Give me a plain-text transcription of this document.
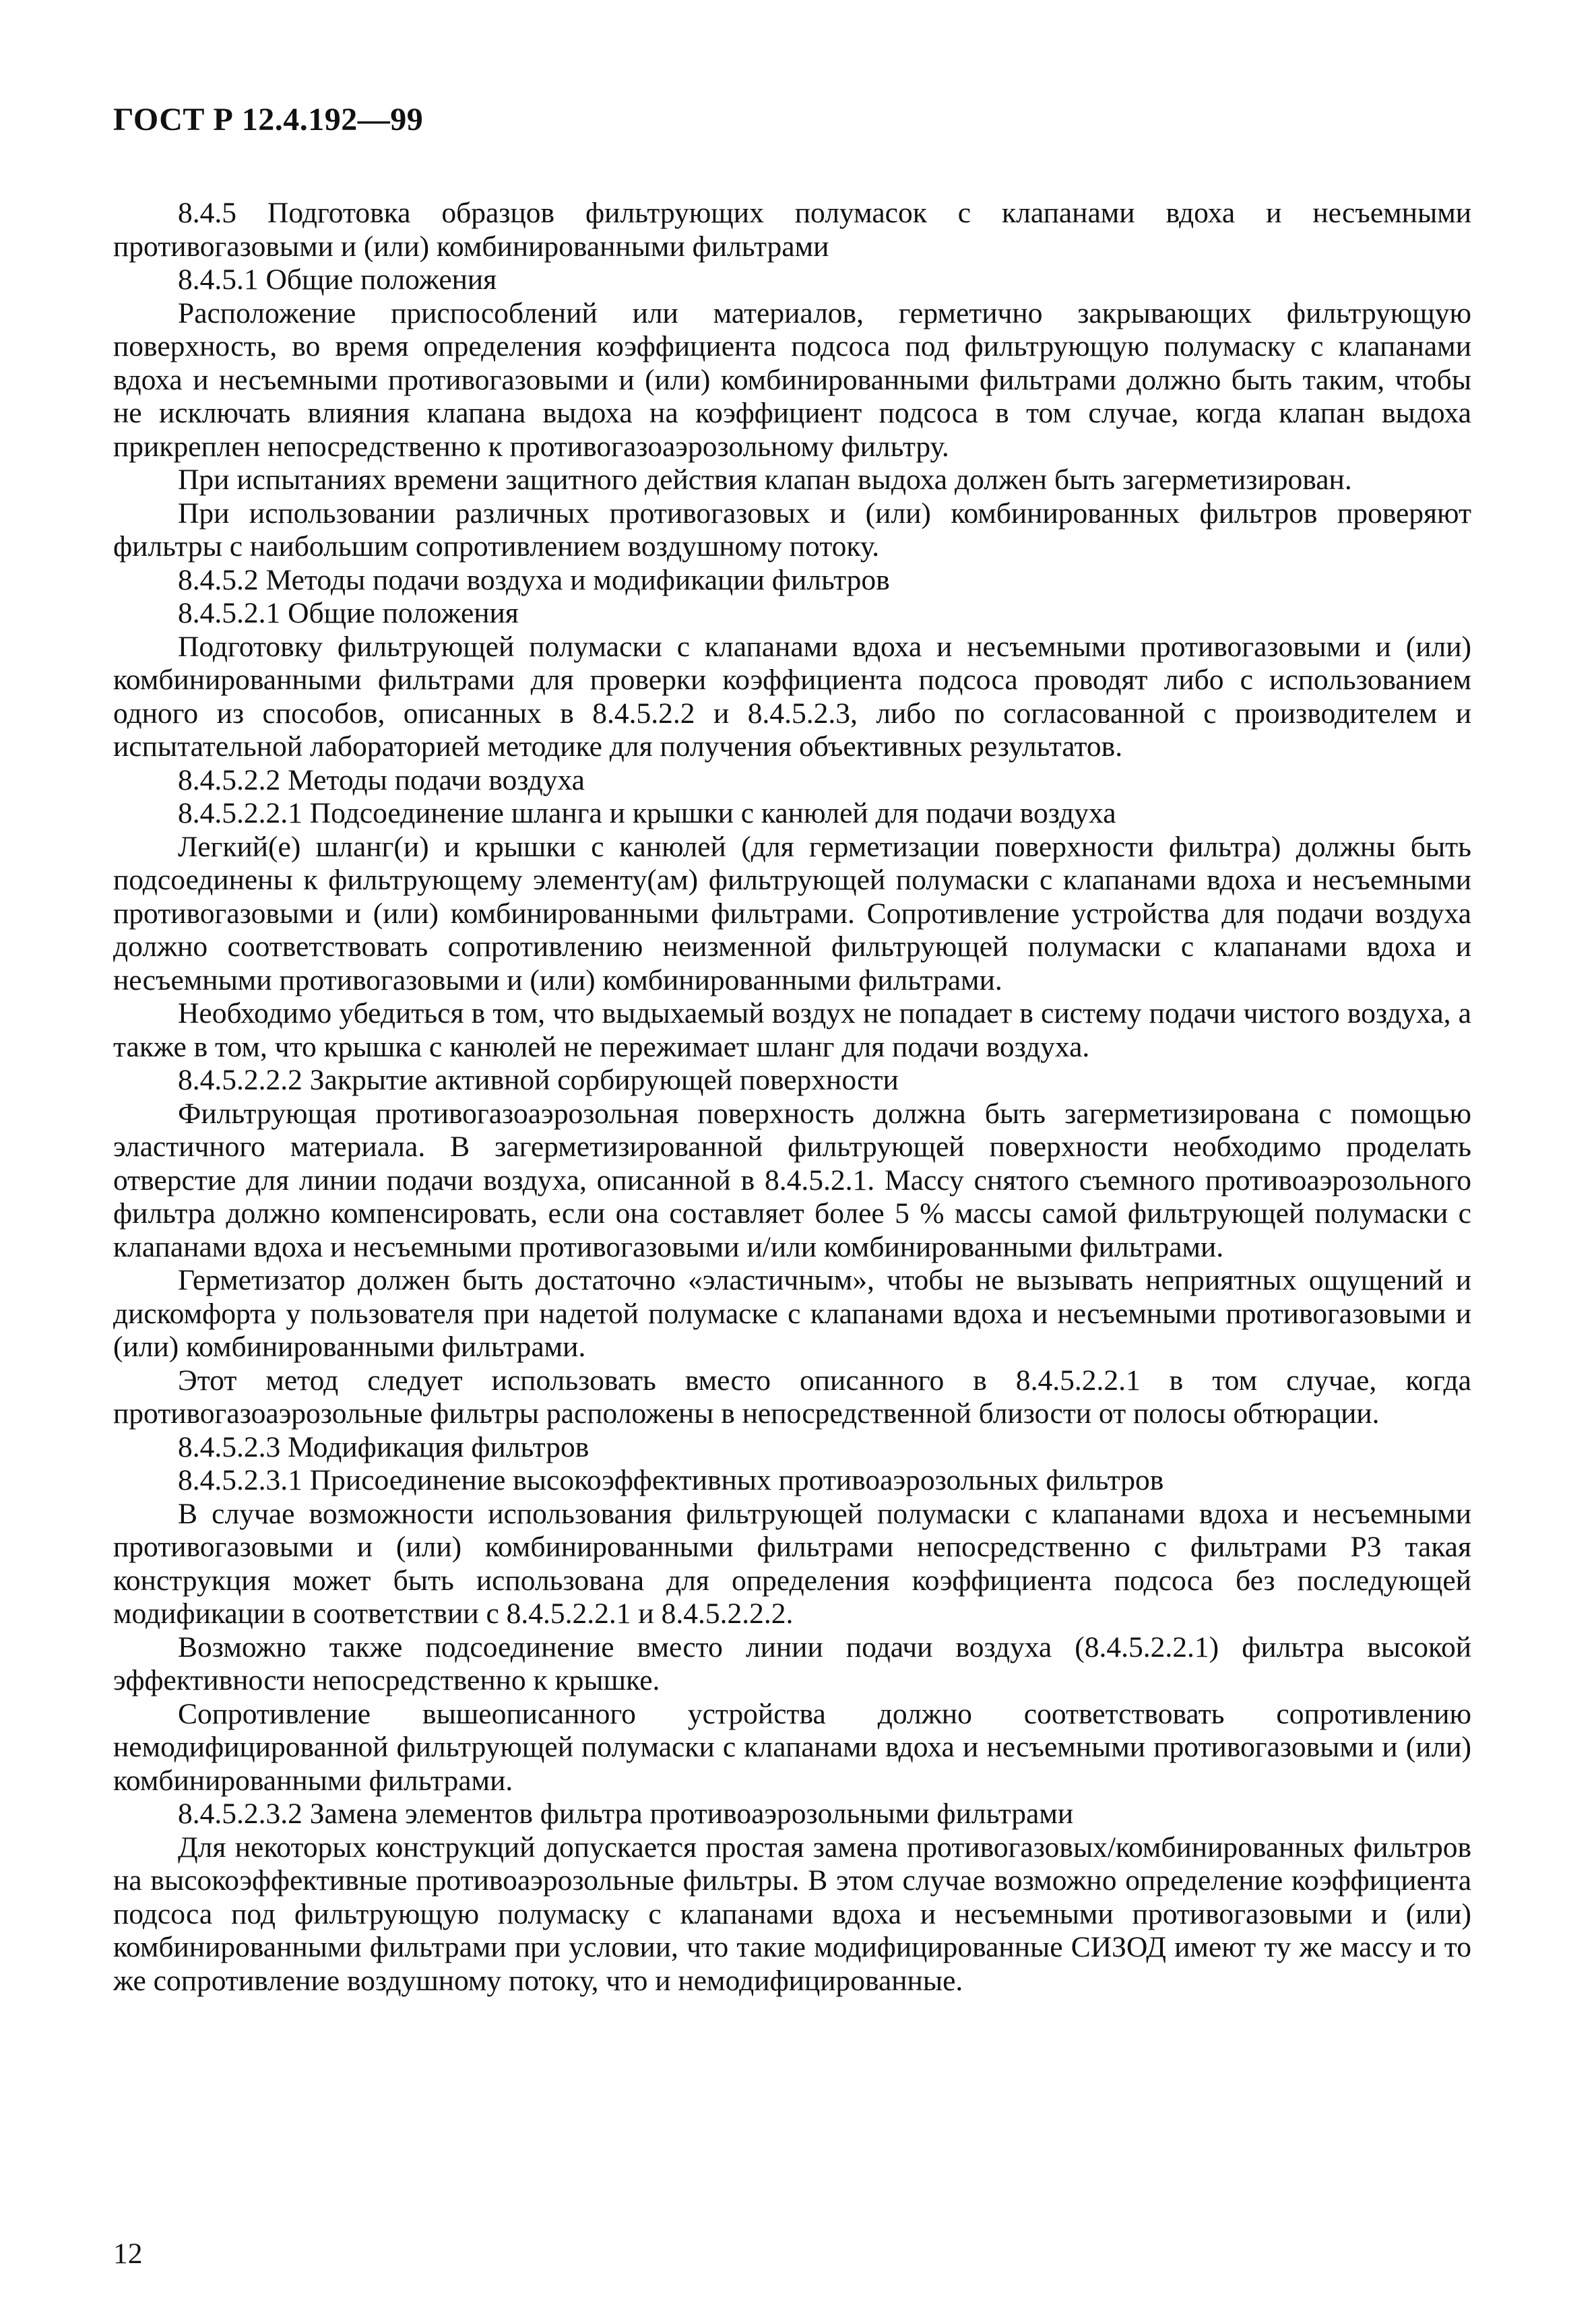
ГОСТ Р 12.4.192—99

8.4.5 Подготовка образцов фильтрующих полумасок с клапанами вдоха и несъемными противогазовыми и (или) комбинированными фильтрами

8.4.5.1 Общие положения

Расположение приспособлений или материалов, герметично закрывающих фильтрующую поверхность, во время определения коэффициента подсоса под фильтрующую полумаску с клапанами вдоха и несъемными противогазовыми и (или) комбинированными фильтрами должно быть таким, чтобы не исключать влияния клапана выдоха на коэффициент подсоса в том случае, когда клапан выдоха прикреплен непосредственно к противогазоаэрозольному фильтру.

При испытаниях времени защитного действия клапан выдоха должен быть загерметизирован.

При использовании различных противогазовых и (или) комбинированных фильтров проверяют фильтры с наибольшим сопротивлением воздушному потоку.

8.4.5.2 Методы подачи воздуха и модификации фильтров

8.4.5.2.1 Общие положения

Подготовку фильтрующей полумаски с клапанами вдоха и несъемными противогазовыми и (или) комбинированными фильтрами для проверки коэффициента подсоса проводят либо с использованием одного из способов, описанных в 8.4.5.2.2 и 8.4.5.2.3, либо по согласованной с производителем и испытательной лабораторией методике для получения объективных результатов.

8.4.5.2.2 Методы подачи воздуха

8.4.5.2.2.1 Подсоединение шланга и крышки с канюлей для подачи воздуха

Легкий(е) шланг(и) и крышки с канюлей (для герметизации поверхности фильтра) должны быть подсоединены к фильтрующему элементу(ам) фильтрующей полумаски с клапанами вдоха и несъемными противогазовыми и (или) комбинированными фильтрами. Сопротивление устройства для подачи воздуха должно соответствовать сопротивлению неизменной фильтрующей полумаски с клапанами вдоха и несъемными противогазовыми и (или) комбинированными фильтрами.

Необходимо убедиться в том, что выдыхаемый воздух не попадает в систему подачи чистого воздуха, а также в том, что крышка с канюлей не пережимает шланг для подачи воздуха.

8.4.5.2.2.2 Закрытие активной сорбирующей поверхности

Фильтрующая противогазоаэрозольная поверхность должна быть загерметизирована с помощью эластичного материала. В загерметизированной фильтрующей поверхности необходимо проделать отверстие для линии подачи воздуха, описанной в 8.4.5.2.1. Массу снятого съемного противоаэрозольного фильтра должно компенсировать, если она составляет более 5 % массы самой фильтрующей полумаски с клапанами вдоха и несъемными противогазовыми и/или комбинированными фильтрами.

Герметизатор должен быть достаточно «эластичным», чтобы не вызывать неприятных ощущений и дискомфорта у пользователя при надетой полумаске с клапанами вдоха и несъемными противогазовыми и (или) комбинированными фильтрами.

Этот метод следует использовать вместо описанного в 8.4.5.2.2.1 в том случае, когда противогазоаэрозольные фильтры расположены в непосредственной близости от полосы обтюрации.

8.4.5.2.3 Модификация фильтров

8.4.5.2.3.1 Присоединение высокоэффективных противоаэрозольных фильтров

В случае возможности использования фильтрующей полумаски с клапанами вдоха и несъемными противогазовыми и (или) комбинированными фильтрами непосредственно с фильтрами Р3 такая конструкция может быть использована для определения коэффициента подсоса без последующей модификации в соответствии с 8.4.5.2.2.1 и 8.4.5.2.2.2.

Возможно также подсоединение вместо линии подачи воздуха (8.4.5.2.2.1) фильтра высокой эффективности непосредственно к крышке.

Сопротивление вышеописанного устройства должно соответствовать сопротивлению немодифицированной фильтрующей полумаски с клапанами вдоха и несъемными противогазовыми и (или) комбинированными фильтрами.

8.4.5.2.3.2 Замена элементов фильтра противоаэрозольными фильтрами

Для некоторых конструкций допускается простая замена противогазовых/комбинированных фильтров на высокоэффективные противоаэрозольные фильтры. В этом случае возможно определение коэффициента подсоса под фильтрующую полумаску с клапанами вдоха и несъемными противогазовыми и (или) комбинированными фильтрами при условии, что такие модифицированные СИЗОД имеют ту же массу и то же сопротивление воздушному потоку, что и немодифицированные.

12
